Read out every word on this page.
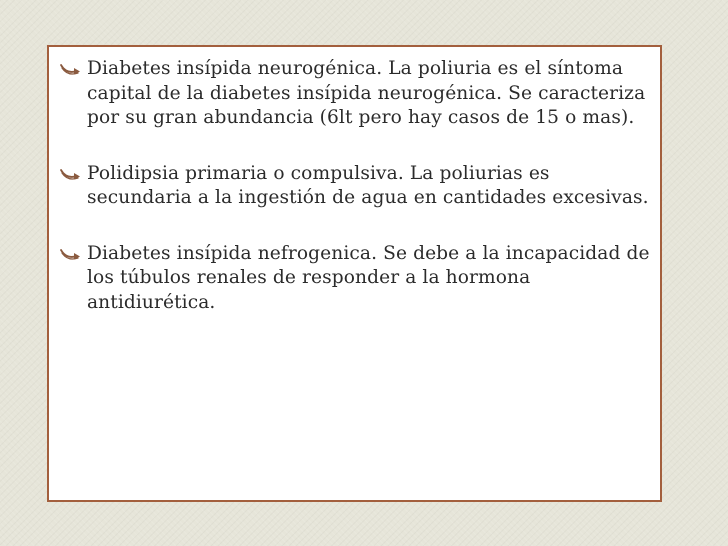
Diabetes insípida neurogénica. La poliuria es el síntoma capital de la diabetes insípida neurogénica. Se caracteriza por su gran abundancia (6lt pero hay casos de 15 o mas).
Polidipsia primaria o compulsiva. La poliurias es secundaria a la ingestión de agua en cantidades excesivas.
Diabetes insípida nefrogenica. Se debe a la incapacidad de los túbulos renales de responder a la hormona antidiurética.
